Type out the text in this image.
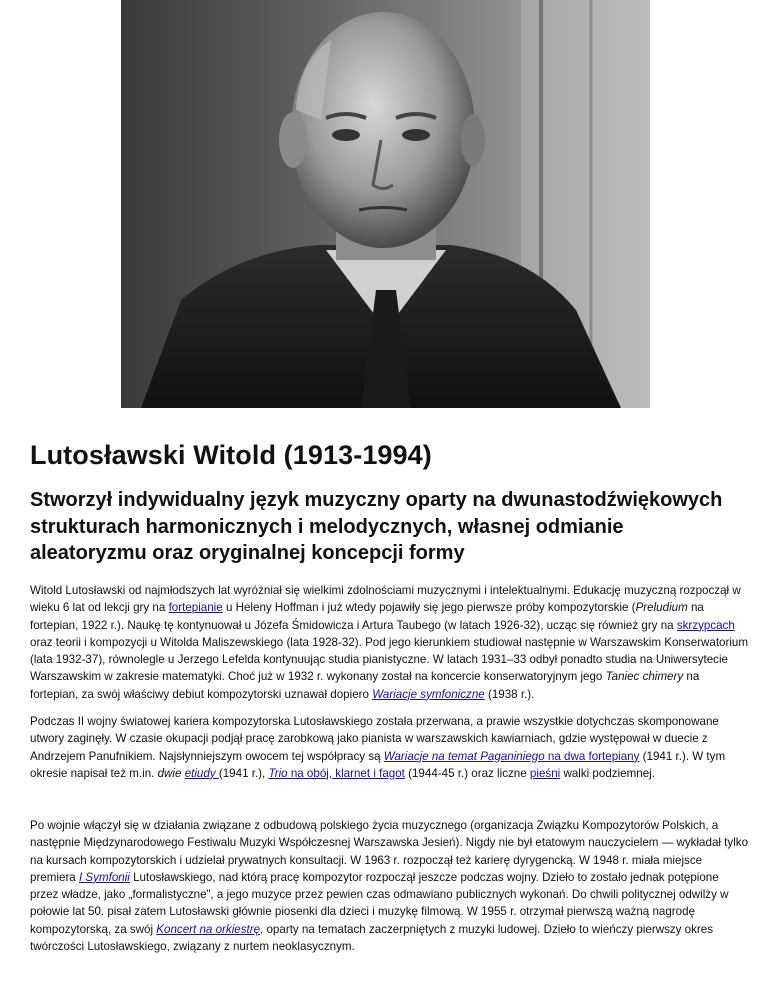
Lutosławski Witold (1913-1994)
Stworzył indywidualny język muzyczny oparty na dwunastodźwiękowych strukturach harmonicznych i melodycznych, własnej odmianie aleatoryzmu oraz oryginalnej koncepcji formy

Witold Lutosławski od najmłodszych lat wyróżniał się wielkimi zdolnościami muzycznymi i intelektualnymi. Edukację muzyczną rozpoczął w wieku 6 lat od lekcji gry na fortepianie u Heleny Hoffman i już wtedy pojawiły się jego pierwsze próby kompozytorskie (Preludium na fortepian, 1922 r.). Naukę tę kontynuował u Józefa Śmidowicza i Artura Taubego (w latach 1926-32), ucząc się również gry na skrzypcach oraz teorii i kompozycji u Witolda Maliszewskiego (lata 1928-32). Pod jego kierunkiem studiował następnie w Warszawskim Konserwatorium (lata 1932-37), równolegle u Jerzego Lefelda kontynuując studia pianistyczne. W latach 1931–33 odbył ponadto studia na Uniwersytecie Warszawskim w zakresie matematyki. Choć już w 1932 r. wykonany został na koncercie konserwatoryjnym jego Taniec chimery na fortepian, za swój właściwy debiut kompozytorski uznawał dopiero Wariacje symfoniczne (1938 r.).

Podczas II wojny światowej kariera kompozytorska Lutosławskiego została przerwana, a prawie wszystkie dotychczas skomponowane utwory zaginęły. W czasie okupacji podjął pracę zarobkową jako pianista w warszawskich kawiarniach, gdzie występował w duecie z Andrzejem Panufnikiem. Najsłynniejszym owocem tej współpracy są Wariacje na temat Paganiniego na dwa fortepiany (1941 r.). W tym okresie napisał też m.in. dwie etiudy (1941 r.), Trio na obój, klarnet i fagot (1944-45 r.) oraz liczne pieśni walki podziemnej.

Po wojnie włączył się w działania związane z odbudową polskiego życia muzycznego (organizacja Związku Kompozytorów Polskich, a następnie Międzynarodowego Festiwalu Muzyki Współczesnej Warszawska Jesień). Nigdy nie był etatowym nauczycielem — wykładał tylko na kursach kompozytorskich i udzielał prywatnych konsultacji. W 1963 r. rozpoczął też karierę dyrygencką. W 1948 r. miała miejsce premiera I Symfonii Lutosławskiego, nad którą pracę kompozytor rozpoczął jeszcze podczas wojny. Dzieło to zostało jednak potępione przez władze, jako „formalistyczne”, a jego muzyce przez pewien czas odmawiano publicznych wykonań. Do chwili politycznej odwilży w połowie lat 50. pisał zatem Lutosławski głównie piosenki dla dzieci i muzykę filmową. W 1955 r. otrzymał pierwszą ważną nagrodę kompozytorską, za swój Koncert na orkiestrę, oparty na tematach zaczerpniętych z muzyki ludowej. Dzieło to wieńczy pierwszy okres twórczości Lutosławskiego, związany z nurtem neoklasycznym.
